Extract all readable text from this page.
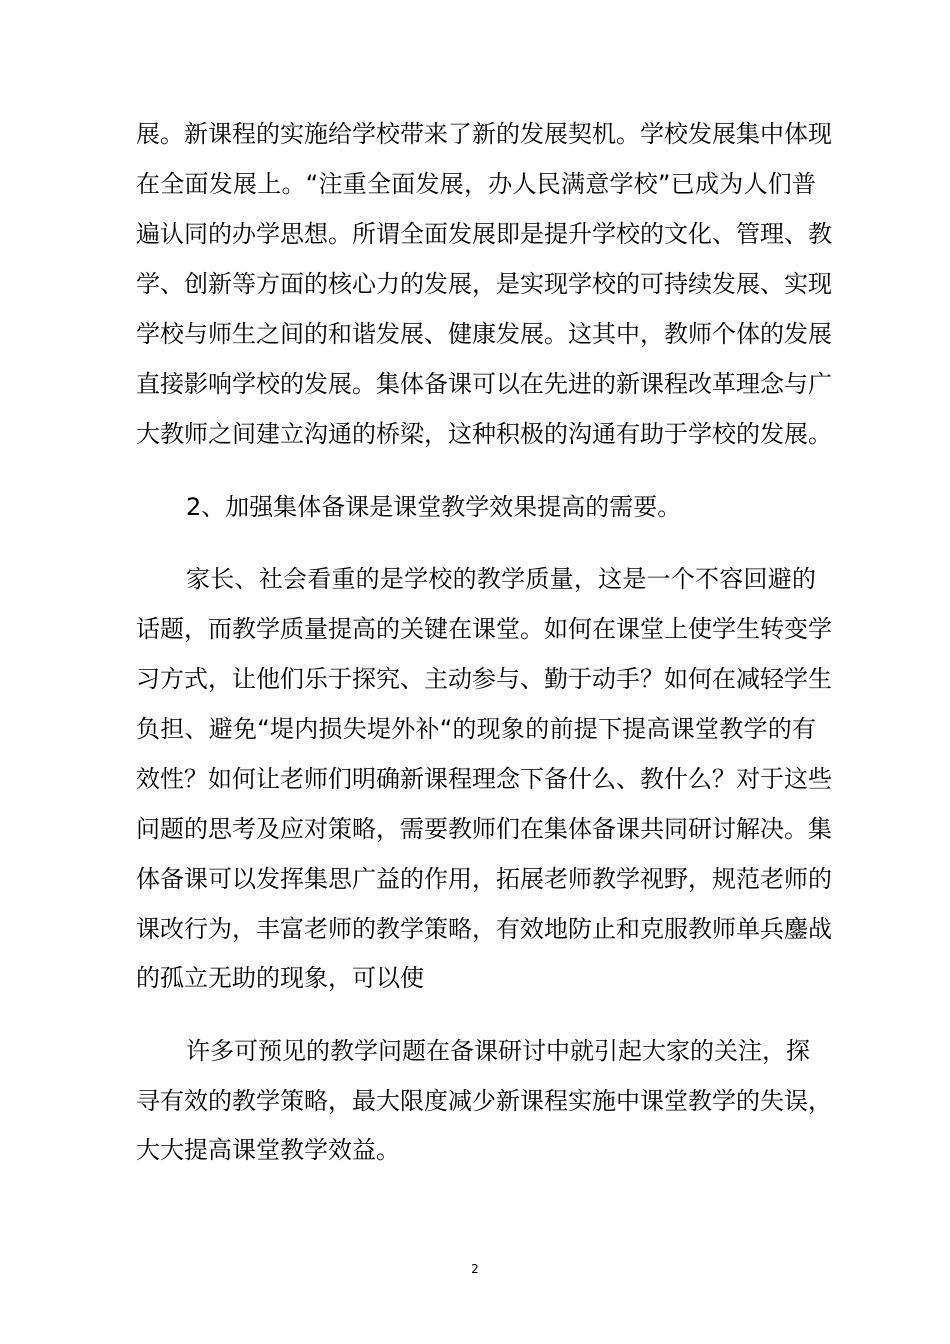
展。新课程的实施给学校带来了新的发展契机。学校发展集中体现
在全面发展上。“注重全面发展，办人民满意学校”已成为人们普
遍认同的办学思想。所谓全面发展即是提升学校的文化、管理、教
学、创新等方面的核心力的发展，是实现学校的可持续发展、实现
学校与师生之间的和谐发展、健康发展。这其中，教师个体的发展
直接影响学校的发展。集体备课可以在先进的新课程改革理念与广
大教师之间建立沟通的桥梁，这种积极的沟通有助于学校的发展。
2、加强集体备课是课堂教学效果提高的需要。
家长、社会看重的是学校的教学质量，这是一个不容回避的
话题，而教学质量提高的关键在课堂。如何在课堂上使学生转变学
习方式，让他们乐于探究、主动参与、勤于动手？如何在减轻学生
负担、避免“堤内损失堤外补“的现象的前提下提高课堂教学的有
效性？如何让老师们明确新课程理念下备什么、教什么？对于这些
问题的思考及应对策略，需要教师们在集体备课共同研讨解决。集
体备课可以发挥集思广益的作用，拓展老师教学视野，规范老师的
课改行为，丰富老师的教学策略，有效地防止和克服教师单兵鏖战
的孤立无助的现象，可以使
许多可预见的教学问题在备课研讨中就引起大家的关注，探
寻有效的教学策略，最大限度减少新课程实施中课堂教学的失误，
大大提高课堂教学效益。
2
